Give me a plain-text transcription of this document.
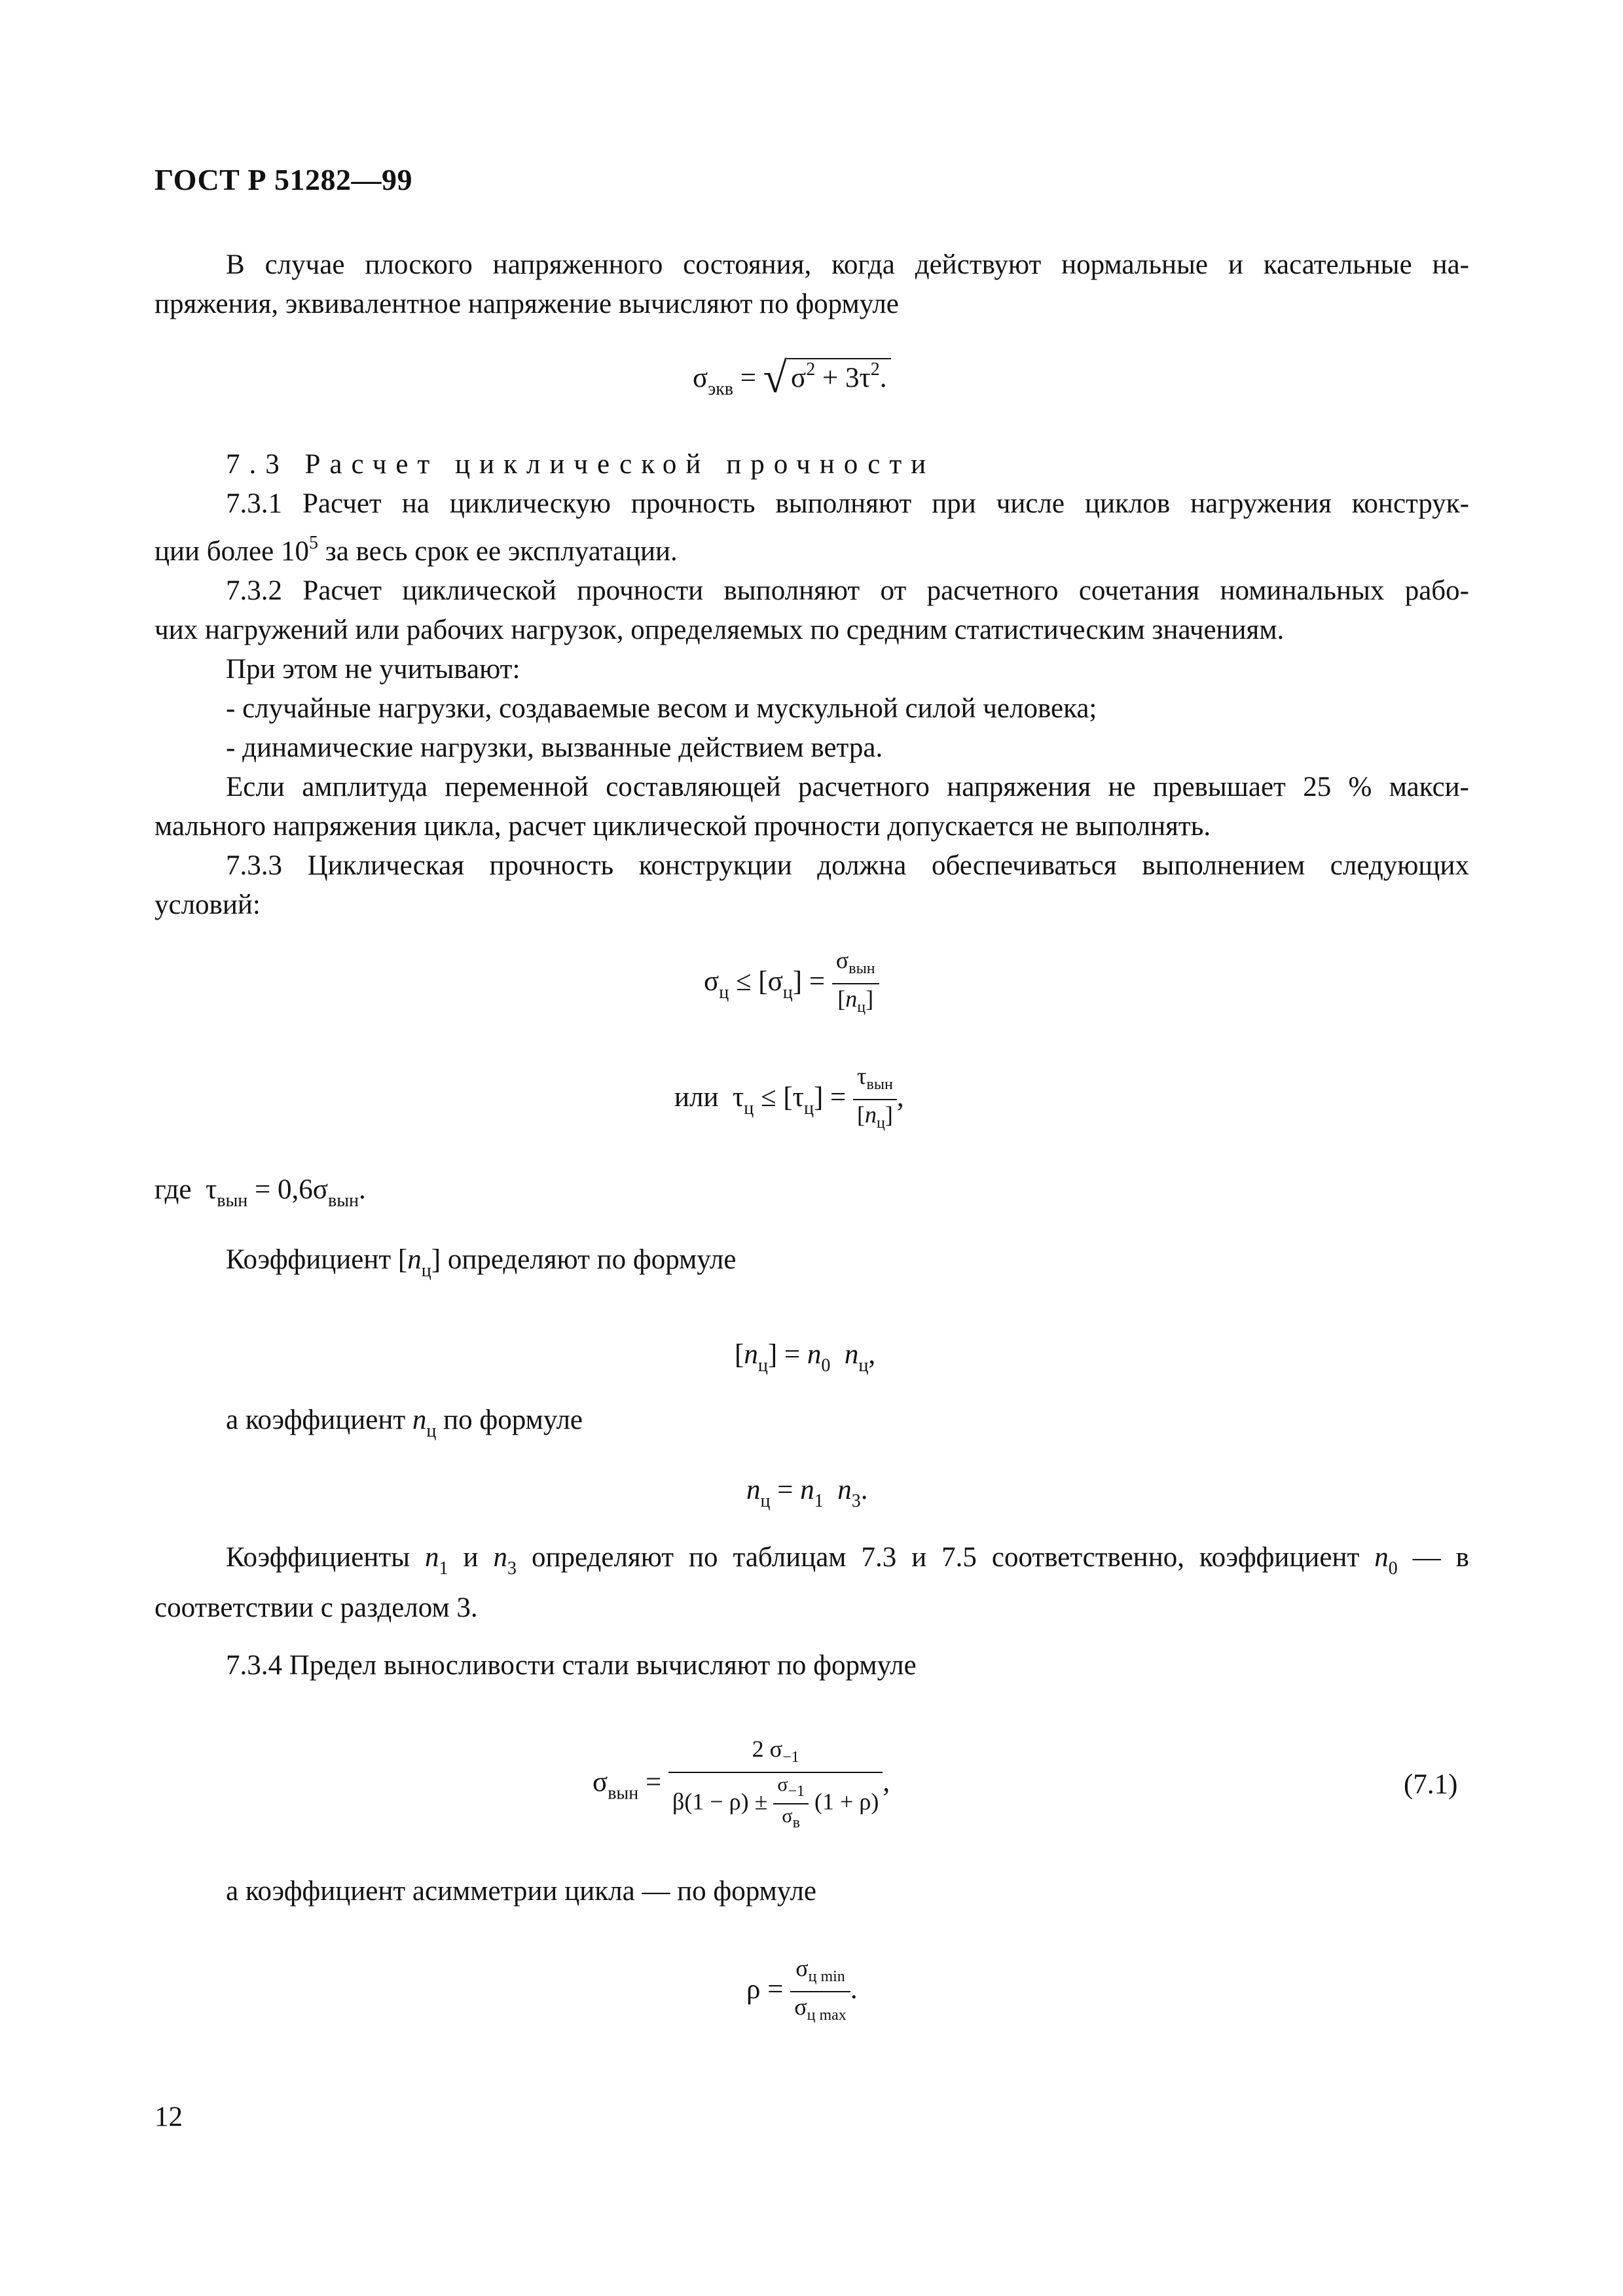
ГОСТ Р 51282—99
В случае плоского напряженного состояния, когда действуют нормальные и касательные на-
пряжения, эквивалентное напряжение вычисляют по формуле
$\sigma_{экв}$ = √ $\sigma^2 + 3\tau^2$.
7.3 Расчет циклической прочности
7.3.1 Расчет на циклическую прочность выполняют при числе циклов нагружения конструк-
ции более $10^5$ за весь срок ее эксплуатации.
7.3.2 Расчет циклической прочности выполняют от расчетного сочетания номинальных рабо-
чих нагружений или рабочих нагрузок, определяемых по средним статистическим значениям.
При этом не учитывают:
- случайные нагрузки, создаваемые весом и мускульной силой человека;
- динамические нагрузки, вызванные действием ветра.
Если амплитуда переменной составляющей расчетного напряжения не превышает 25 % макси-
мального напряжения цикла, расчет циклической прочности допускается не выполнять.
7.3.3 Циклическая прочность конструкции должна обеспечиваться выполнением следующих
условий:
$\sigma_ц \le [\sigma_ц] = \frac{\sigma_{вын}}{[n_ц]}$
или $\tau_ц \le [\tau_ц] = \frac{\tau_{вын}}{[n_ц]}$ ,
где $\tau_{вын} = 0,6\sigma_{вын}$.
Коэффициент $[n_ц]$ определяют по формуле
$[n_ц] = n_0$ $n_ц$,
а коэффициент $n_ц$ по формуле
$n_ц = n_1$ $n_3$.
Коэффициенты $n_1$ и $n_3$ определяют по таблицам 7.3 и 7.5 соответственно, коэффициент $n_0$ — в
соответствии с разделом 3.
7.3.4 Предел выносливости стали вычисляют по формуле
$\sigma_{вын}$ =
2 $\sigma_{-1}$
$\beta(1 - \rho) \pm \frac{\sigma_{-1}}{\sigma_в} (1 + \rho)$
,	(7.1)
а коэффициент асимметрии цикла — по формуле
$\rho = \frac{\sigma_{ц min}}{\sigma_{ц max}}$ .
12
